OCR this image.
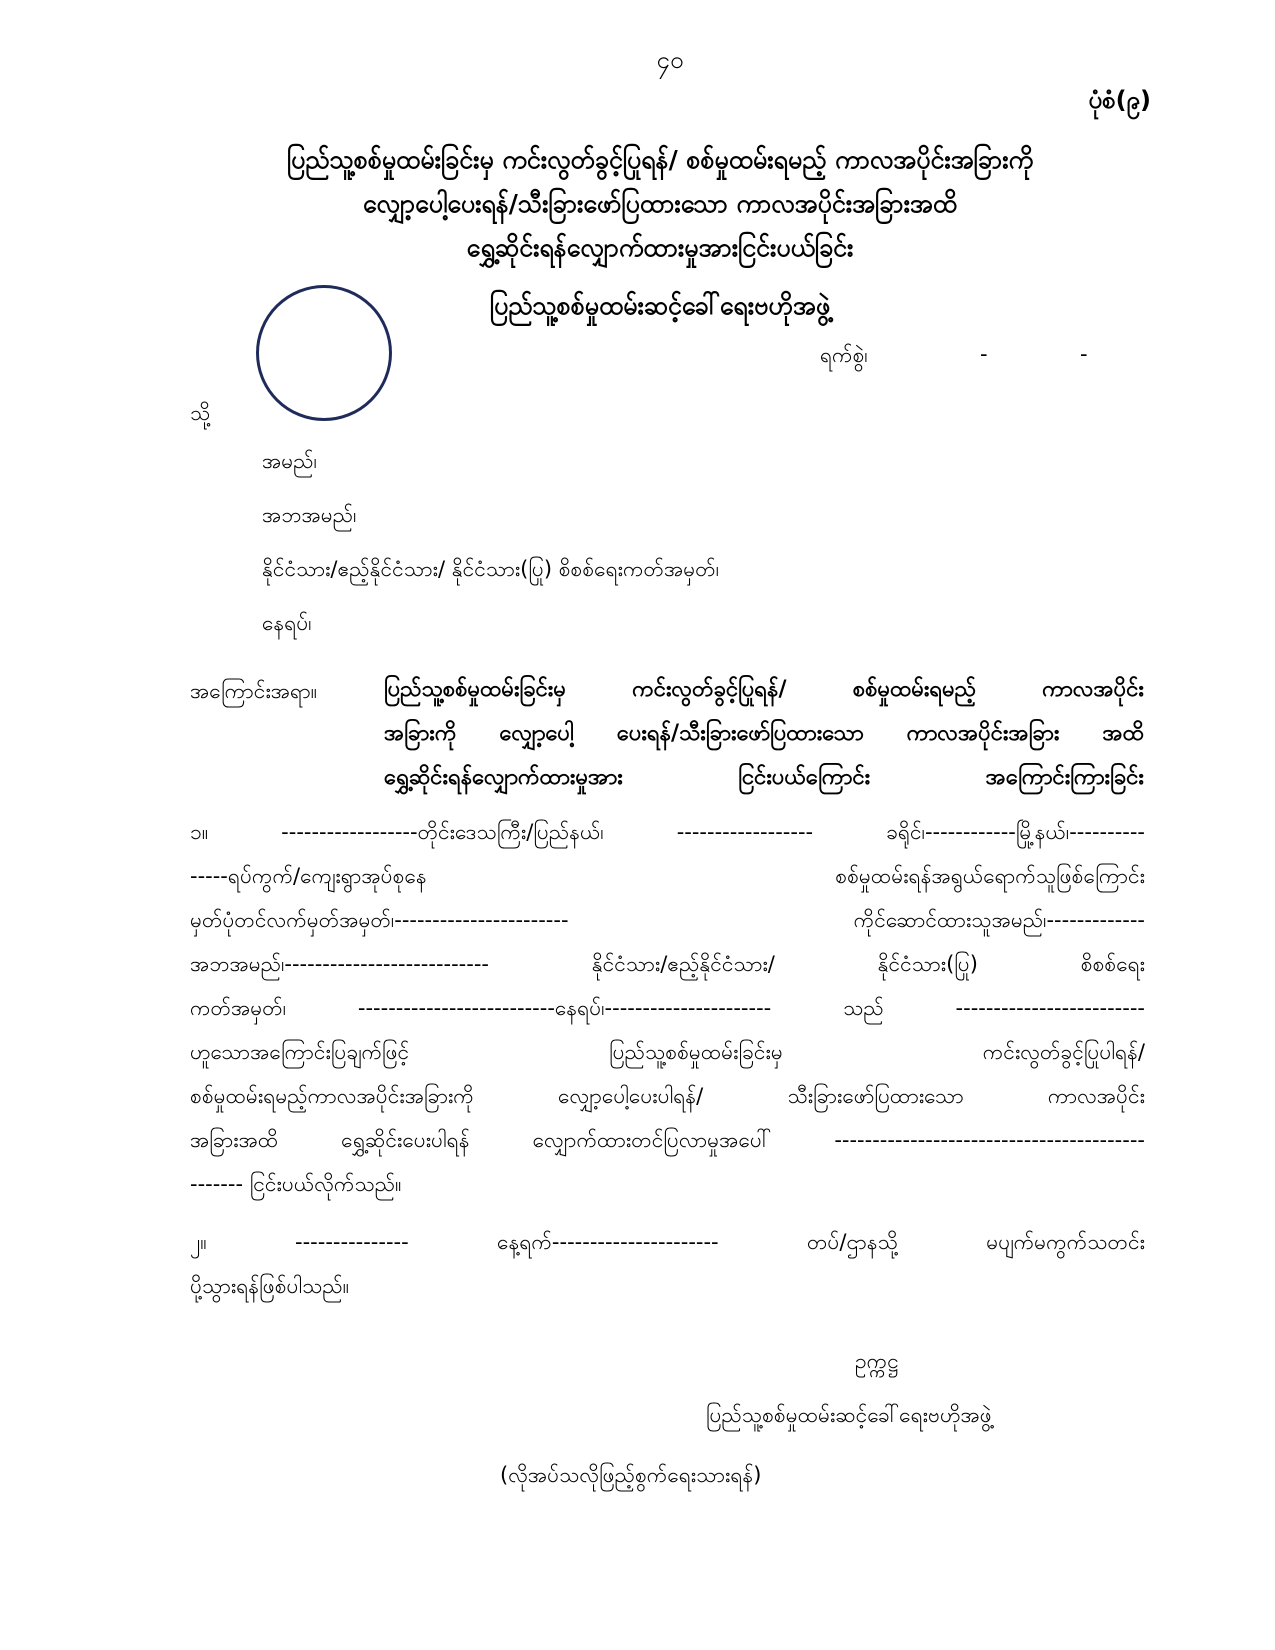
၄၀
ပုံစံ(၉)
ပြည်သူ့စစ်မှုထမ်းခြင်းမှ ကင်းလွတ်ခွင့်ပြုရန်/ စစ်မှုထမ်းရမည့် ကာလအပိုင်းအခြားကို
လျှော့ပေါ့ပေးရန်/သီးခြားဖော်ပြထားသော ကာလအပိုင်းအခြားအထိ
ရွှေ့ဆိုင်းရန်လျှောက်ထားမှုအားငြင်းပယ်ခြင်း
ပြည်သူ့စစ်မှုထမ်းဆင့်ခေါ်ရေးဗဟိုအဖွဲ့
ရက်စွဲ၊	-	-
သို့
အမည်၊
အဘအမည်၊
နိုင်ငံသား/ဧည့်နိုင်ငံသား/ နိုင်ငံသား(ပြု) စိစစ်ရေးကတ်အမှတ်၊
နေရပ်၊
အကြောင်းအရာ။	ပြည်သူ့စစ်မှုထမ်းခြင်းမှ ကင်းလွတ်ခွင့်ပြုရန်/ စစ်မှုထမ်းရမည့် ကာလအပိုင်း
အခြားကို လျှော့ပေါ့ ပေးရန်/သီးခြားဖော်ပြထားသော ကာလအပိုင်းအခြား အထိ
ရွှေ့ဆိုင်းရန်လျှောက်ထားမှုအား ငြင်းပယ်ကြောင်း အကြောင်းကြားခြင်း
၁။	------------------တိုင်းဒေသကြီး/ပြည်နယ်၊	------------------	ခရိုင်၊------------မြို့နယ်၊----------
-----ရပ်ကွက်/ကျေးရွာအုပ်စုနေ	စစ်မှုထမ်းရန်အရွယ်ရောက်သူဖြစ်ကြောင်း
မှတ်ပုံတင်လက်မှတ်အမှတ်၊-----------------------	ကိုင်ဆောင်ထားသူအမည်၊-------------
အဘအမည်၊---------------------------	နိုင်ငံသား/ဧည့်နိုင်ငံသား/	နိုင်ငံသား(ပြု)	စိစစ်ရေး
ကတ်အမှတ်၊	--------------------------နေရပ်၊----------------------	သည်	-------------------------
ဟူသောအကြောင်းပြချက်ဖြင့်	ပြည်သူ့စစ်မှုထမ်းခြင်းမှ	ကင်းလွတ်ခွင့်ပြုပါရန်/
စစ်မှုထမ်းရမည့်ကာလအပိုင်းအခြားကို	လျှော့ပေါ့ပေးပါရန်/	သီးခြားဖော်ပြထားသော	ကာလအပိုင်း
အခြားအထိ	ရွှေ့ဆိုင်းပေးပါရန်	လျှောက်ထားတင်ပြလာမှုအပေါ်	-----------------------------------------
------- ငြင်းပယ်လိုက်သည်။
၂။	---------------	နေ့ရက်----------------------	တပ်/ဌာနသို့	မပျက်မကွက်သတင်း
ပို့သွားရန်ဖြစ်ပါသည်။
ဥက္ကဋ္ဌ
ပြည်သူ့စစ်မှုထမ်းဆင့်ခေါ်ရေးဗဟိုအဖွဲ့
(လိုအပ်သလိုဖြည့်စွက်ရေးသားရန်)
